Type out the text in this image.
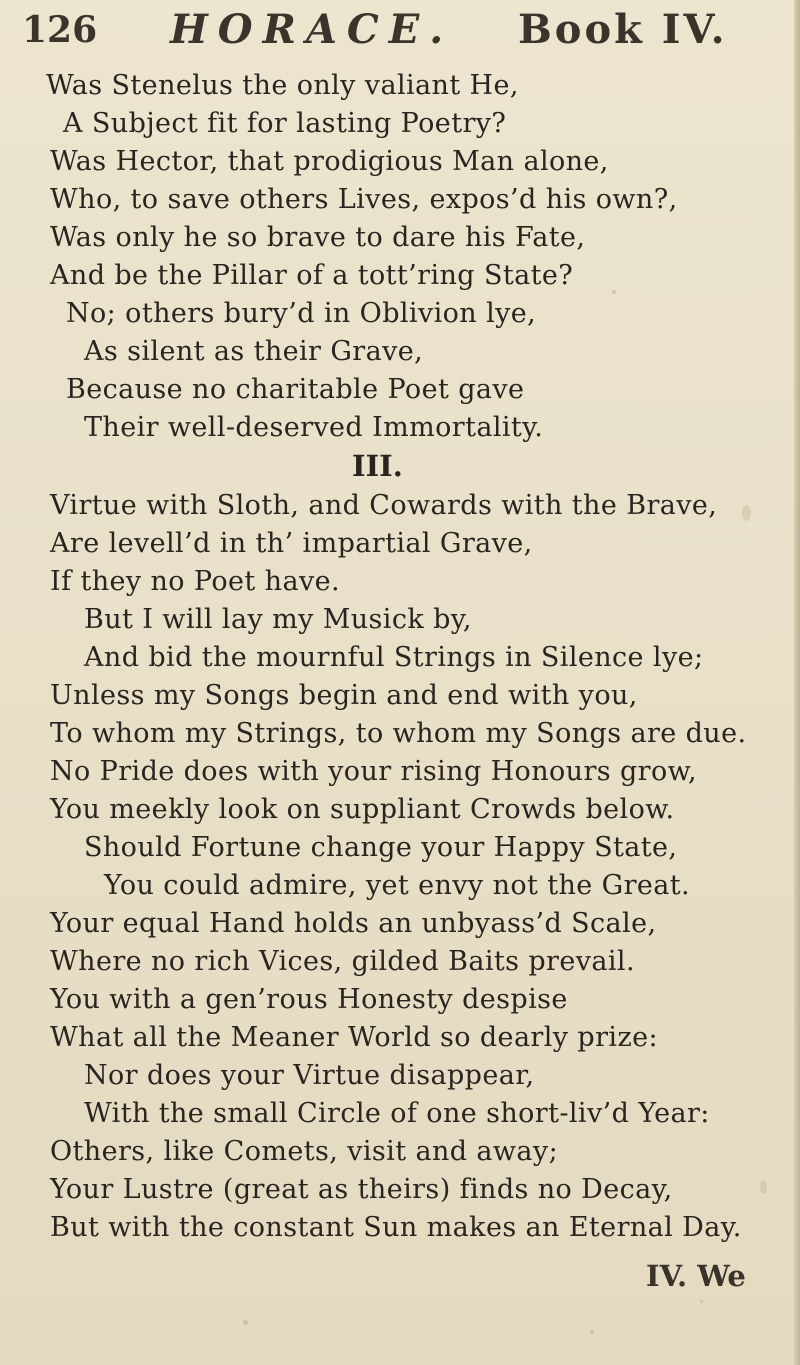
126 HORACE. Book IV.
Was Stenelus the only valiant He,
A Subject fit for lasting Poetry?
Was Hector, that prodigious Man alone,
Who, to save others Lives, expos’d his own?,
Was only he so brave to dare his Fate,
And be the Pillar of a tott’ring State?
No; others bury’d in Oblivion lye,
As silent as their Grave,
Because no charitable Poet gave
Their well-deserved Immortality.
III.
Virtue with Sloth, and Cowards with the Brave,
Are levell’d in th’ impartial Grave,
If they no Poet have.
But I will lay my Musick by,
And bid the mournful Strings in Silence lye;
Unless my Songs begin and end with you,
To whom my Strings, to whom my Songs are due.
No Pride does with your rising Honours grow,
You meekly look on suppliant Crowds below.
Should Fortune change your Happy State,
You could admire, yet envy not the Great.
Your equal Hand holds an unbyass’d Scale,
Where no rich Vices, gilded Baits prevail.
You with a gen’rous Honesty despise
What all the Meaner World so dearly prize:
Nor does your Virtue disappear,
With the small Circle of one short-liv’d Year:
Others, like Comets, visit and away;
Your Lustre (great as theirs) finds no Decay,
But with the constant Sun makes an Eternal Day.
IV. We
